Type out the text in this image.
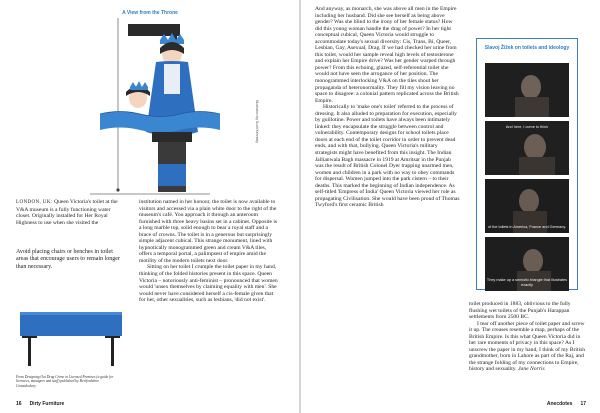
A View from the Throne
Illustration by Scott Kennedy

LONDON, UK: Queen Victoria's toilet at the V&A museum is a fully functioning water closet. Originally installed for Her Royal Highness to use when she visited the

Avoid placing chairs or benches in toilet areas that encourage users to remain longer than necessary.
From Designing Out Drug Crime in Licensed Premises (a guide for licensees, managers and staff) published by Hertfordshire Constabulary.

institution named in her honour, the toilet is now available to visitors and accessed via a plain white door to the right of the museum's café. You approach it through an anteroom furnished with three heavy basins set in a cabinet. Opposite is a long marble top, solid enough to bear a royal staff and a brace of crowns. The toilet is in a generous but surprisingly simple adjacent cubical. This strange monument, lined with hypnotically monogrammed green and cream V&A tiles, offers a temporal portal, a palimpsest of empire amid the motility of the modern toilets next door.

Sitting on her toilet I crumple the toilet paper in my hand, thinking of the folded histories present in this space. Queen Victoria – notoriously anti-feminist – pronounced that women would 'unsex themselves by claiming equality with men'. She would never have considered herself a cis-female given that for her, other sexualities, such as lesbians, 'did not exist'.

16 Dirty Furniture

And anyway, as monarch, she was above all men in the Empire including her husband. Did she see herself as being above gender? Was she blind to the irony of her female status? How did this young woman handle the drag of power? In her tight conceptual cubical, Queen Victoria would struggle to accommodate today's sexual diversity: Cis, Trans, Bi, Queer, Lesbian, Gay, Asexual, Drag. If we had checked her urine from this toilet, would her sample reveal high levels of testosterone and explain her Empire drive? Was her gender warped through power? From this echoing, glazed, self-referential toilet she would not have seen the arrogance of her position. The monogrammed interlocking V&A on the tiles shout her propaganda of heteronormality. They fill my vision leaving no space to disagree: a colonial pattern replicated across the British Empire.

Historically to 'make one's toilet' referred to the process of dressing. It also alluded to preparation for execution, especially by guillotine. Power and toilets have always been intimately linked: they encapsulate the struggle between control and vulnerability. Contemporary designs for school toilets place doors at each end of the toilet corridor in order to prevent dead ends, and with that, bullying. Queen Victoria's military strategists might have benefited from this insight. The Indian Jallianwala Bagh massacre in 1919 at Amritsar in the Punjab was the result of British Colonel Dyer trapping unarmed men, women and children in a park with no way to obey commands for dispersal. Women jumped into the park cistern – to their deaths. This marked the beginning of Indian independence. As self-titled 'Empress of India' Queen Victoria viewed her role as propagating Civilisation. She would have been proud of Thomas Twyford's first ceramic British

Slavoj Žižek on toilets and ideology
And here, I come to think
of the toilets in America, France and Germany.
They make up a semiotic triangle that illustrates exactly

toilet produced in 1883, oblivious to the fully flushing wet toilets of the Punjab's Harappan settlements from 2500 BC.

I tear off another piece of toilet paper and screw it up. The creases resemble a map, perhaps of the British Empire. Is this what Queen Victoria did in her rare moments of privacy in this space? As I unscrew the paper in my hand, I think of my British grandmother, born in Lahore as part of the Raj, and the strange folding of my connections to Empire, history and sexuality. Jane Norris

Anecdotes 17
